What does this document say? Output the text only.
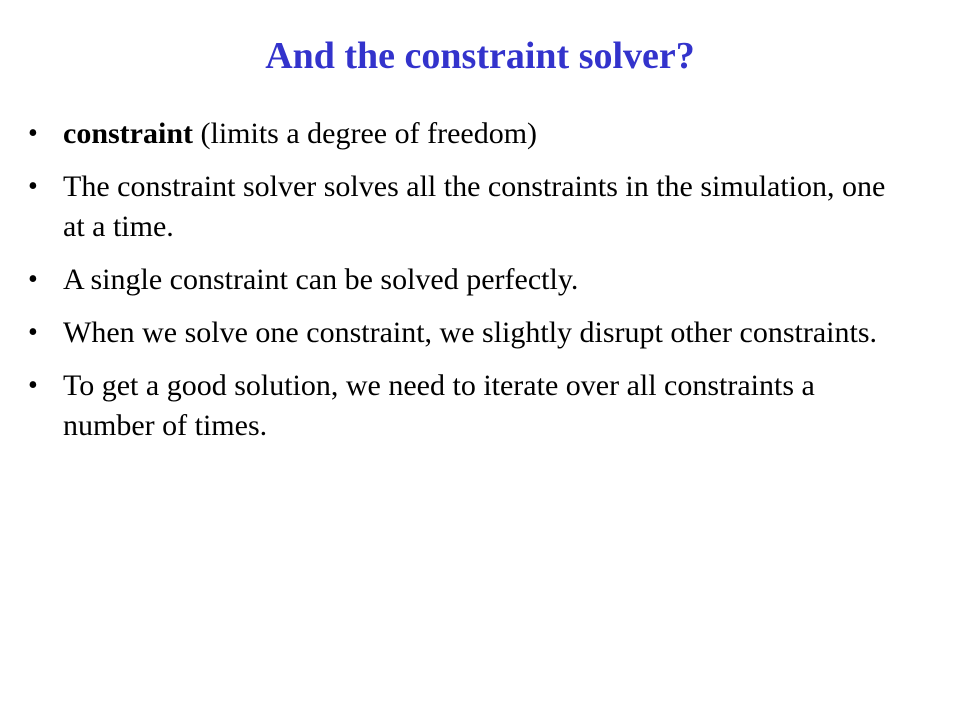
And the constraint solver?
• constraint (limits a degree of freedom)
• The constraint solver solves all the constraints in the simulation, one at a time.
• A single constraint can be solved perfectly.
• When we solve one constraint, we slightly disrupt other constraints.
• To get a good solution, we need to iterate over all constraints a number of times.
